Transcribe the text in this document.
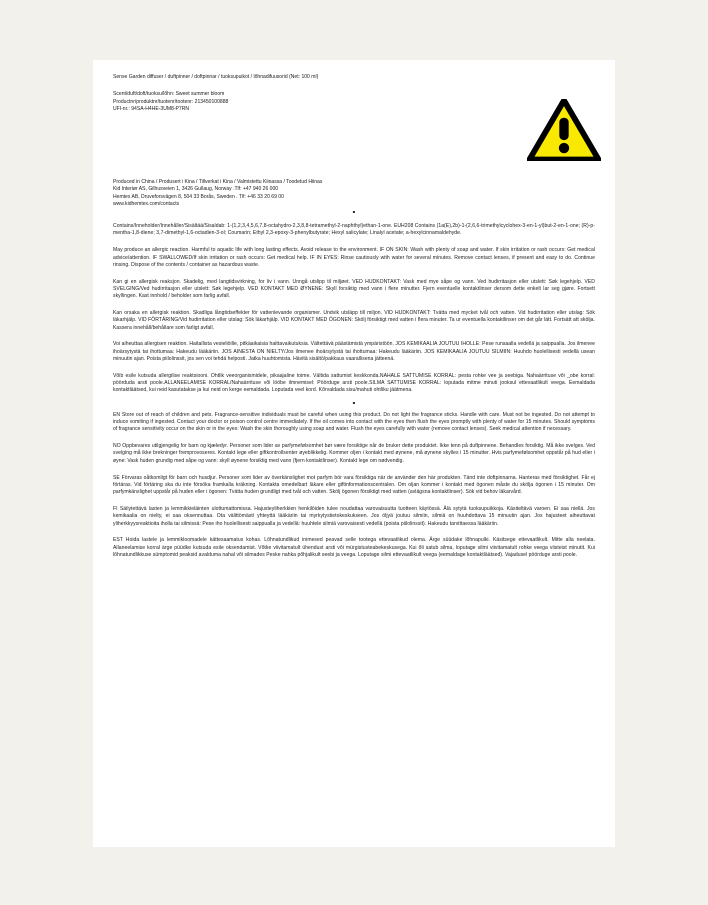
Sense Garden diffuser / duftpinner / doftpinnar / tuoksupuikot / lõhnadifuusorid (Net: 100 ml)

Scent/duft/doft/tuoksu/lõhn: Sweet summer bloom

Productnr/produktnr/tuotenr/tootenr: 213450100888

UFI-nr.: 94SA-H4HE-3UM8-P7RN

Produced in China / Produsert i Kina / Tillverkat i Kina / Valmistettu Kiinassa / Toodetud Hiinas

Kid Interiør AS, Gilhusveien 1, 3426 Gullaug, Norway .Tlf: +47 940 26 000

Hemtex AB, Druveforsvägen 8, 504 33 Borås, Sweden . Tlf: +46 33 20 69 00

www.kidhemtex.com/contacts

Contains/Inneholder/Innehåller/Sisältää/Sisaldab: 1-(1,2,3,4,5,6,7,8-octahydro-2,3,8,8-tetramethyl-2-naphthyl)ethan-1-one. EUH208 Contains (1a(E),2b)-1-(2,6,6-trimethylcyclohex-3-en-1-yl)but-2-en-1-one; (R)-p-mentha-1,8-diene; 3,7-dimethyl-1,6-octadien-3-ol; Coumarin; Ethyl 2,3-epoxy-3-phenylbutyrate; Hexyl salicylate; Linalyl acetate; a-hexylcinnamaldehyde.

May produce an allergic reaction. Harmful to aquatic life with long lasting effects. Avoid release to the environment. IF ON SKIN: Wash with plenty of soap and water. If skin irritation or rash occurs: Get medical advice/attention. IF SWALLOWED/If skin irritation or rash occurs: Get medical help. IF IN EYES: Rinse cautiously with water for several minutes. Remove contact lenses, if present and easy to do. Continue rinsing. Dispose of the contents / container as hazardous waste.

Kan gi en allergisk reaksjon. Skadelig, med langtidsvirkning, for liv i vann. Unngå utslipp til miljøet. VED HUDKONTAKT: Vask med mye såpe og vann. Ved hudirritasjon eller utslett: Søk legehjelp. VED SVELGING/Ved hudirritasjon eller utslett: Søk legehjelp. VED KONTAKT MED ØYNENE: Skyll forsiktig med vann i flere minutter. Fjern eventuelle kontaktlinser dersom dette enkelt lar seg gjøre. Fortsett skyllingen. Kast innhold / beholder som farlig avfall.

Kan orsaka en allergisk reaktion. Skadliga långtidseffekter för vattenlevande organismer. Undvik utsläpp till miljon. VID HUDKONTAKT: Tvätta med mycket tvål och vatten. Vid hudirritation eller utslag: Sök läkarhjälp. VID FÖRTÄRING/Vid hudirritation eller utslag: Sök läkarhjälp. VID KONTAKT MED ÖGONEN: Skölj försiktigt med vatten i flera minuter. Ta ur eventuella kontaktlinser om det går lätt. Fortsätt att skölja. Kassera innehåll/behållare som farligt avfall.

Voi aiheuttaa allergisen reaktion. Haitallista vesieliöille, pitkäaikaisia haittavaikutuksia. Vältettävä päästämistä ympäristöön. JOS KEMIKAALIA JOUTUU IHOLLE: Pese runsaalla vedellä ja saippualla. Jos ilmenee ihoärsytystä tai ihottumaa: Hakeudu lääkäriin. JOS AINESTA ON NIELTY/Jos ilmenee ihoärsytystä tai ihottumaa: Hakeudu lääkäriin. JOS KEMIKAALIA JOUTUU SILMIIN: Huuhdo huolellisesti vedellä usean minuutin ajan. Poista piilolinssit, jos sen voi tehdä helposti. Jatka huuhtomista. Hävitä sisältö/pakkaus vaarallisena jätteenä.

Võib esile kutsuda allergilise reaktsiooni. Ohtlik veeorganismidele, pikaajaline toime. Vältida sattumist keskkonda.NAHALE SATTUMISE KORRAL: pesta rohke vee ja seebiga. Nahaärrituse või _obe korral: pöörduda arsti poole.ALLANEELAMISE KORRAL/Nahaärrituse või lööbe ilmnemisel: Pöörduge arsti poole.SILMA SATTUMISE KORRAL: loputada mitme minuti jooksul ettevaatlikult veega. Eemaldada kontaktläätsed, kui neid kasutatakse ja kui neid on kerge eemaldada. Loputada veel kord. Kõrvaldada sisu/mahuti ohtliku jäätmena.

EN Store out of reach of children and pets. Fragrance-sensitive individuals must be careful when using this product. Do not light the fragrance sticks. Handle with care. Must not be ingested. Do not attempt to induce vomiting if ingested. Contact your doctor or poison control centre immediately. If the oil comes into contact with the eyes then flush the eyes promptly with plenty of water for 15 minutes. Should symptoms of fragrance sensitivity occur on the skin or in the eyes: Wash the skin thoroughly using soap and water. Flush the eyes carefully with water (remove contact lenses). Seek medical attention if necessary.

NO Oppbevares utilgjengelig for barn og kjæledyr. Personer som lider av parfymefølsomhet bør være forsiktige når de bruker dette produktet. Ikke tenn på duftpinnene. Behandles forsiktig. Må ikke svelges. Ved svelging må ikke brekninger fremprovoseres. Kontakt lege eller giftkontrollsenter øyeblikkelig. Kommer oljen i kontakt med øynene, må øynene skylles i 15 minutter. Hvis parfymefølsomhet oppstår på hud eller i øyne: Vask huden grundig med såpe og vann: skyll øynene forsiktig med vann (fjern kontaktlinser). Kontakt lege om nødvendig.

SE Förvaras oåtkomligt för barn och husdjur. Personer som lider av överkänslighet mot parfym bör vara försiktiga när de använder den här produkten. Tänd inte doftpinnarna. Hanteras med försiktighet. Får ej förtäras. Vid förtäring ska du inte försöka framkalla kräkning. Kontakta omedelbart läkare eller giftinformationscentralen. Om oljan kommer i kontakt med ögonen måste du skölja ögonen i 15 minuter. Om parfymkänslighet uppstår på huden eller i ögonen: Tvätta huden grundligt med tvål och vatten. Skölj ögonen försiktigt med vatten (avlägsna kontaktlinser). Sök vid behov läkarvård.

FI Säilytettävä lasten ja lemmikkieläinten ulottumattomissa. Hajusteyliherkkien henkilöiden tulee noudattaa varovaisuutta tuotteen käytössä. Älä sytytä tuoksupuikkoja. Käsiteltävä varoen. Ei saa niellä. Jos kemikaalia on nielty, ei saa oksennuttaa. Ota välittömästi yhteyttä lääkäriin tai myrkytystietokeskukseen. Jos öljyä joutuu silmiin, silmiä on huuhdottava 15 minuutin ajan. Jos hajusteet aiheuttavat yliherkkyysreaktioita iholla tai silmissä: Pese iho huolellisesti saippualla ja vedellä: huuhtele silmiä varovaisesti vedellä (poista piilolinssit). Hakeudu tarvittaessa lääkäriin.

EST Hoida lastele ja lemmikloomadele kättesaamatus kohas. Lõhnatundlikud inimesed peavad selle tootega ettevaatlikud olema. Ärge süüdake lõhnapulki. Käsitsege ettevaatlikult. Mitte alla neelata. Allaneelamise korral ärge püüdke kutsuda esile oksendamist. Võtke viivitamatult ühendust arsti või mürgistusteabekeskusega. Kui õli satub silma, loputage silmi viivitamatult rohke veega viisteist minutit. Kui lõhnatundlikkuse sümptomid peaksid avalduma nahal või silmades Peske nahka põhjalikult seebi ja veega. Loputage silmi ettevaatlikult veega (eemaldage kontaktläätsed). Vajadusel pöörduge arsti poole.
